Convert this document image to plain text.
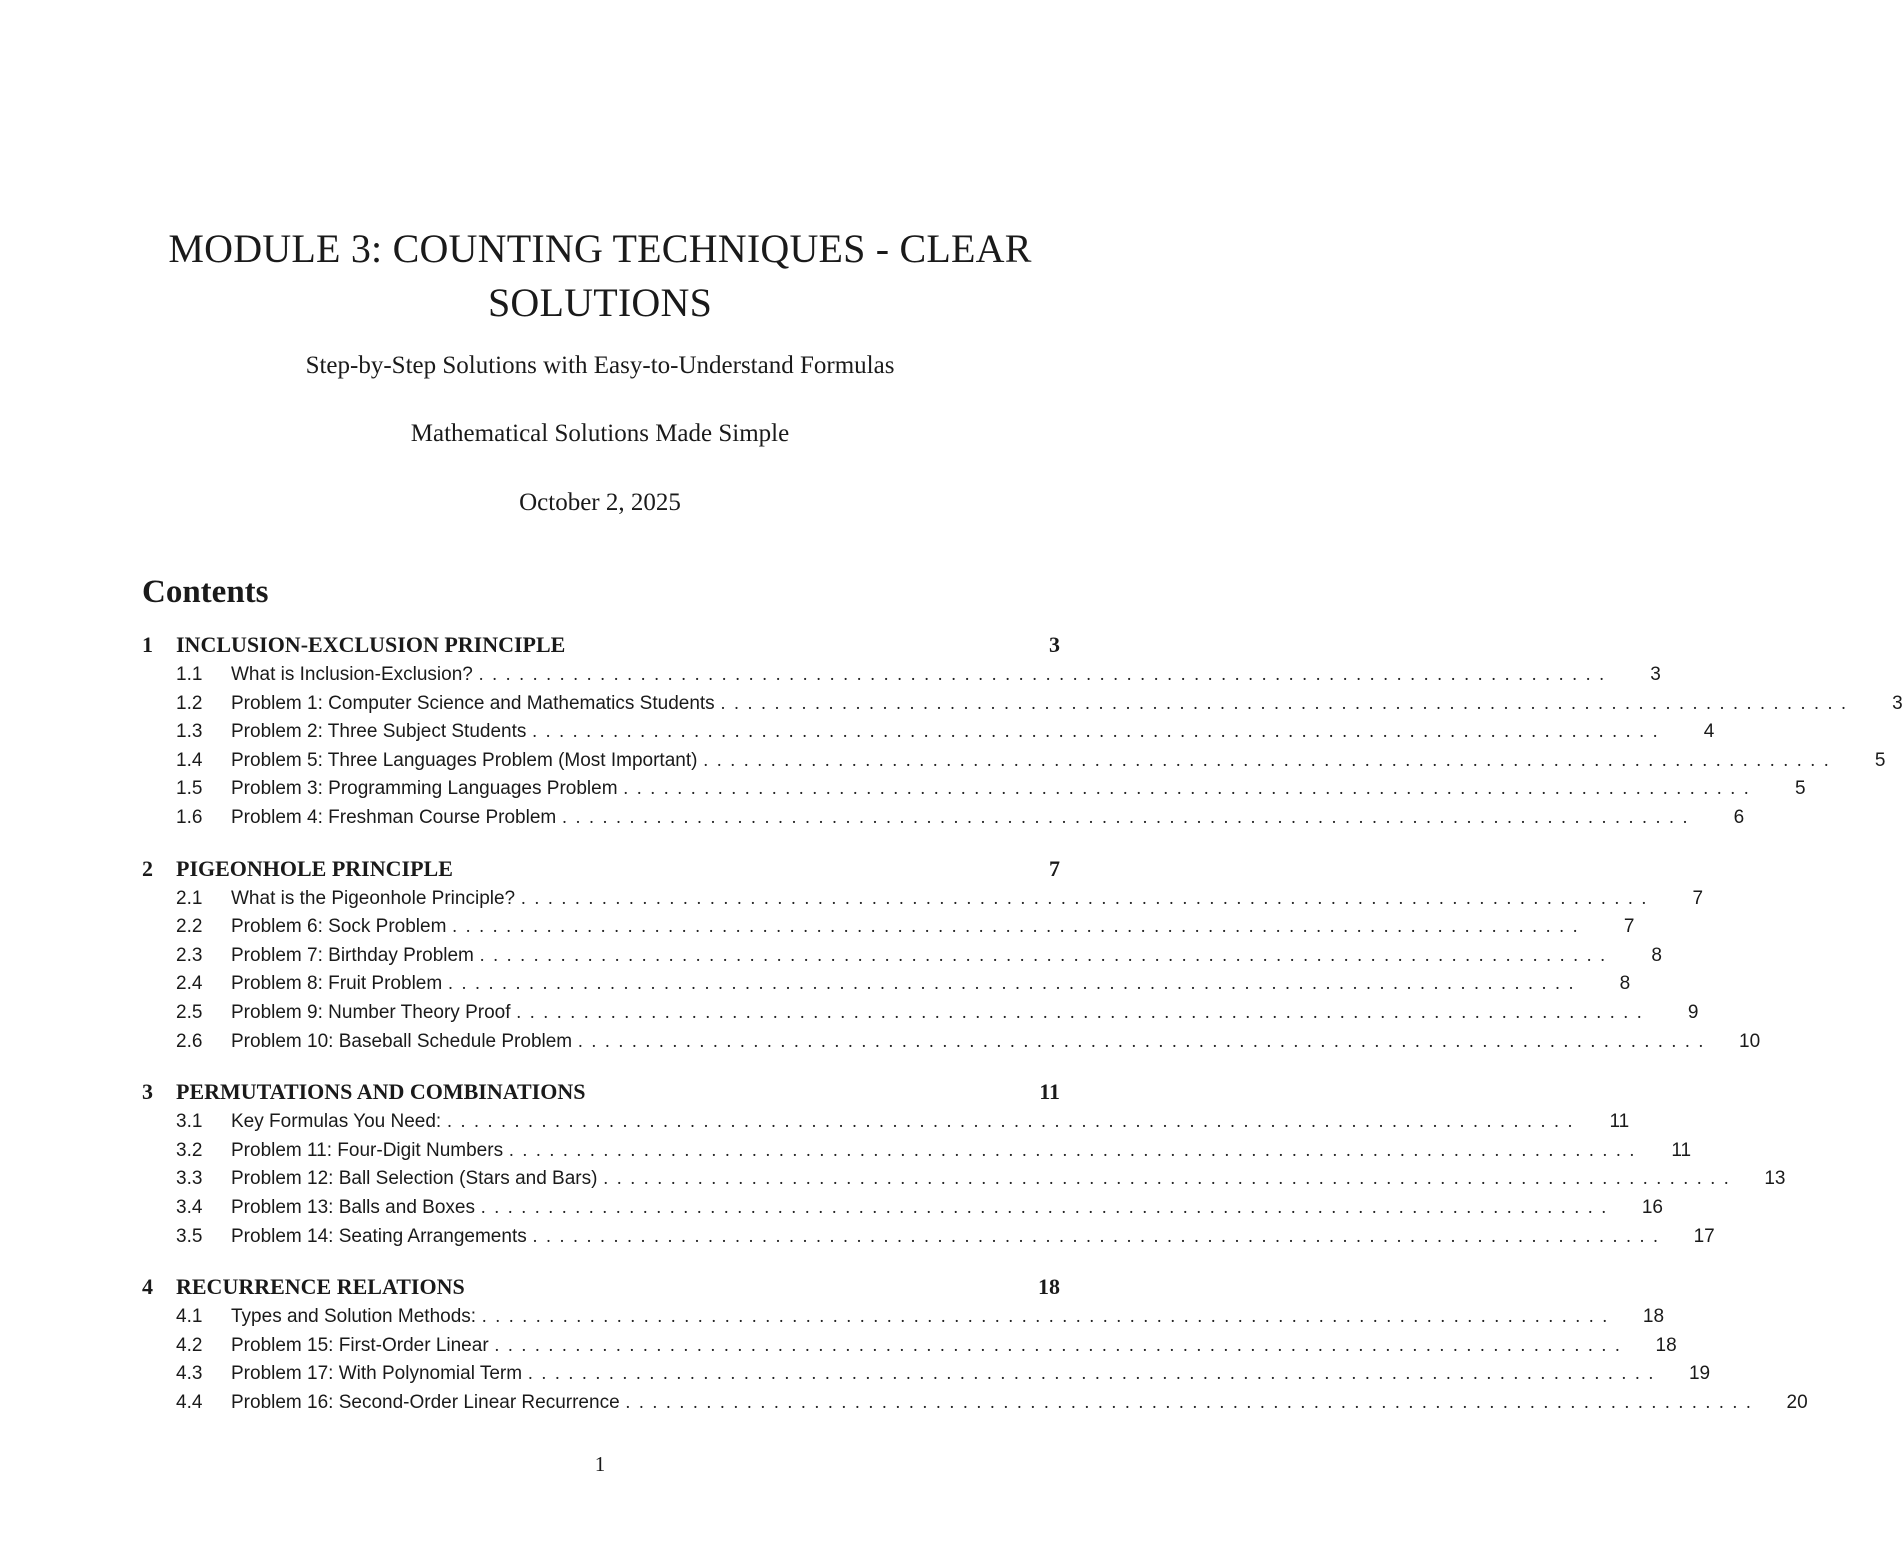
MODULE 3: COUNTING TECHNIQUES - CLEAR SOLUTIONS
Step-by-Step Solutions with Easy-to-Understand Formulas
Mathematical Solutions Made Simple
October 2, 2025
Contents
1	INCLUSION-EXCLUSION PRINCIPLE	3
1.1	What is Inclusion-Exclusion? ....................................................................................	3
1.2	Problem 1: Computer Science and Mathematics Students ....................................................................................	3
1.3	Problem 2: Three Subject Students ....................................................................................	4
1.4	Problem 5: Three Languages Problem (Most Important) ....................................................................................	5
1.5	Problem 3: Programming Languages Problem ....................................................................................	5
1.6	Problem 4: Freshman Course Problem ....................................................................................	6
2	PIGEONHOLE PRINCIPLE	7
2.1	What is the Pigeonhole Principle? ....................................................................................	7
2.2	Problem 6: Sock Problem ....................................................................................	7
2.3	Problem 7: Birthday Problem ....................................................................................	8
2.4	Problem 8: Fruit Problem ....................................................................................	8
2.5	Problem 9: Number Theory Proof ....................................................................................	9
2.6	Problem 10: Baseball Schedule Problem ....................................................................................	10
3	PERMUTATIONS AND COMBINATIONS	11
3.1	Key Formulas You Need: ....................................................................................	11
3.2	Problem 11: Four-Digit Numbers ....................................................................................	11
3.3	Problem 12: Ball Selection (Stars and Bars) ....................................................................................	13
3.4	Problem 13: Balls and Boxes ....................................................................................	16
3.5	Problem 14: Seating Arrangements ....................................................................................	17
4	RECURRENCE RELATIONS	18
4.1	Types and Solution Methods: ....................................................................................	18
4.2	Problem 15: First-Order Linear ....................................................................................	18
4.3	Problem 17: With Polynomial Term ....................................................................................	19
4.4	Problem 16: Second-Order Linear Recurrence ....................................................................................	20
1
